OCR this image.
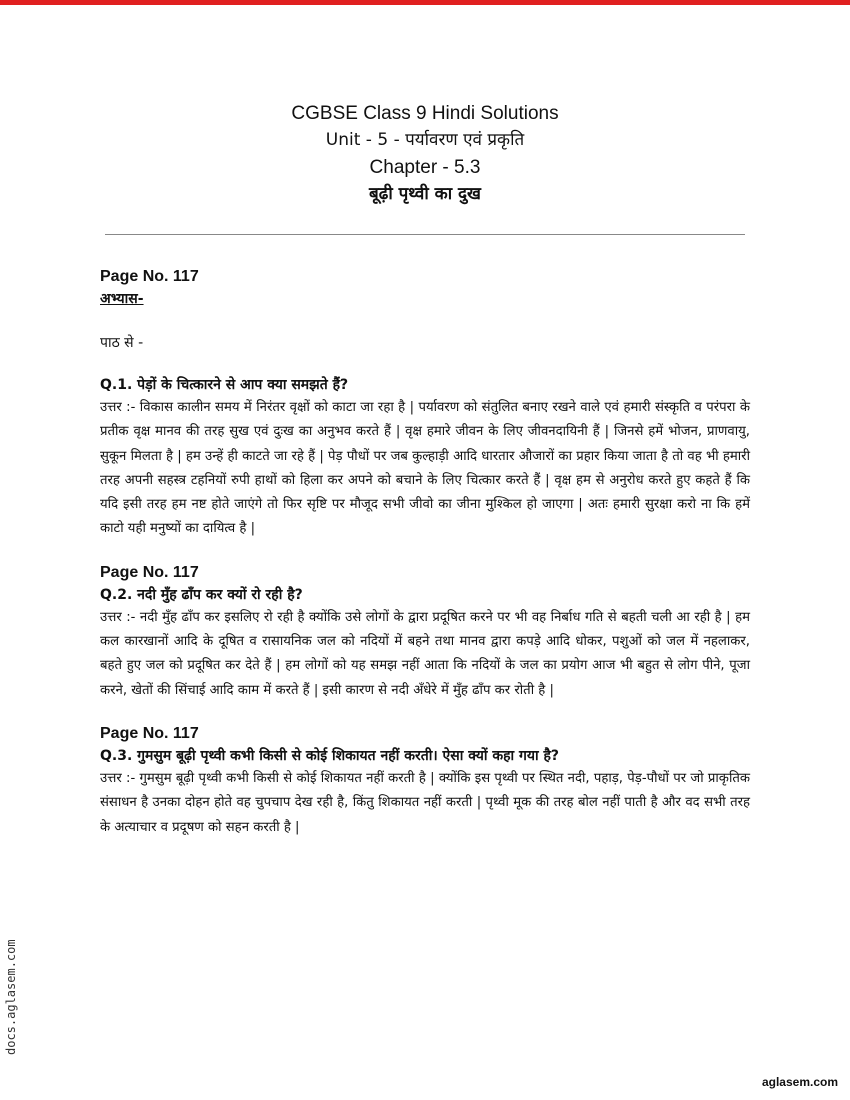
CGBSE Class 9 Hindi Solutions
Unit - 5 - पर्यावरण एवं प्रकृति
Chapter - 5.3
बूढ़ी पृथ्वी का दुख
Page No. 117
अभ्यास-
पाठ से -
Q.1. पेड़ों के चित्कारने से आप क्या समझते हैं?

उत्तर :- विकास कालीन समय में निरंतर वृक्षों को काटा जा रहा है | पर्यावरण को संतुलित बनाए रखने वाले एवं हमारी संस्कृति व परंपरा के प्रतीक वृक्ष मानव की तरह सुख एवं दुःख का अनुभव करते हैं | वृक्ष हमारे जीवन के लिए जीवनदायिनी हैं | जिनसे हमें भोजन, प्राणवायु, सुकून मिलता है | हम उन्हें ही काटते जा रहे हैं | पेड़ पौधों पर जब कुल्हाड़ी आदि धारतार औजारों का प्रहार किया जाता है तो वह भी हमारी तरह अपनी सहस्त्र टहनियों रुपी हाथों को हिला कर अपने को बचाने के लिए चित्कार करते हैं | वृक्ष हम से अनुरोध करते हुए कहते हैं कि यदि इसी तरह हम नष्ट होते जाएंगे तो फिर सृष्टि पर मौजूद सभी जीवो का जीना मुश्किल हो जाएगा | अतः हमारी सुरक्षा करो ना कि हमें काटो यही मनुष्यों का दायित्व है |

Page No. 117
Q.2. नदी मुँह ढाँप कर क्यों रो रही है?

उत्तर :- नदी मुँह ढाँप कर इसलिए रो रही है क्योंकि उसे लोगों के द्वारा प्रदूषित करने पर भी वह निर्बाध गति से बहती चली आ रही है | हम कल कारखानों आदि के दूषित व रासायनिक जल को नदियों में बहने तथा मानव द्वारा कपड़े आदि धोकर, पशुओं को जल में नहलाकर, बहते हुए जल को प्रदूषित कर देते हैं | हम लोगों को यह समझ नहीं आता कि नदियों के जल का प्रयोग आज भी बहुत से लोग पीने, पूजा करने, खेतों की सिंचाई आदि काम में करते हैं | इसी कारण से नदी अँधेरे में मुँह ढाँप कर रोती है |

Page No. 117
Q.3. गुमसुम बूढ़ी पृथ्वी कभी किसी से कोई शिकायत नहीं करती। ऐसा क्यों कहा गया है?

उत्तर :- गुमसुम बूढ़ी पृथ्वी कभी किसी से कोई शिकायत नहीं करती है | क्योंकि इस पृथ्वी पर स्थित नदी, पहाड़, पेड़-पौधों पर जो प्राकृतिक संसाधन है उनका दोहन होते वह चुपचाप देख रही है, किंतु शिकायत नहीं करती | पृथ्वी मूक की तरह बोल नहीं पाती है और वद सभी तरह के अत्याचार व प्रदूषण को सहन करती है |

docs.aglasem.com
aglasem.com
